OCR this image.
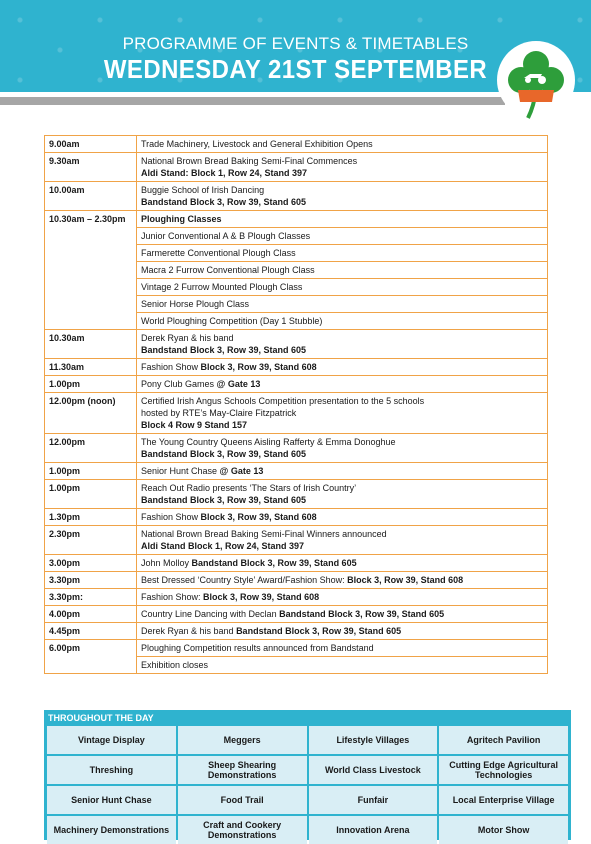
PROGRAMME OF EVENTS & TIMETABLES
WEDNESDAY 21ST SEPTEMBER
9.00am	Trade Machinery, Livestock and General Exhibition Opens

9.30am	National Brown Bread Baking Semi-Final Commences
Aldi Stand: Block 1, Row 24, Stand 397

10.00am	Buggie School of Irish Dancing
Bandstand Block 3, Row 39, Stand 605

10.30am – 2.30pm	Ploughing Classes
	Junior Conventional A & B Plough Classes
	Farmerette Conventional Plough Class
	Macra 2 Furrow Conventional Plough Class
	Vintage 2 Furrow Mounted Plough Class
	Senior Horse Plough Class
	World Ploughing Competition (Day 1 Stubble)
10.30am	Derek Ryan & his band
Bandstand Block 3, Row 39, Stand 605

11.30am	Fashion Show Block 3, Row 39, Stand 608

1.00pm	Pony Club Games @ Gate 13

12.00pm (noon)	Certified Irish Angus Schools Competition presentation to the 5 schools
hosted by RTE’s May-Claire Fitzpatrick
Block 4 Row 9 Stand 157

12.00pm	The Young Country Queens Aisling Rafferty & Emma Donoghue
Bandstand Block 3, Row 39, Stand 605

1.00pm	Senior Hunt Chase @ Gate 13

1.00pm	Reach Out Radio presents ‘The Stars of Irish Country’
Bandstand Block 3, Row 39, Stand 605

1.30pm	Fashion Show Block 3, Row 39, Stand 608

2.30pm	National Brown Bread Baking Semi-Final Winners announced
Aldi Stand Block 1, Row 24, Stand 397

3.00pm	John Molloy Bandstand Block 3, Row 39, Stand 605

3.30pm	Best Dressed ‘Country Style’ Award/Fashion Show: Block 3, Row 39, Stand 608

3.30pm:	Fashion Show: Block 3, Row 39, Stand 608

4.00pm	Country Line Dancing with Declan Bandstand Block 3, Row 39, Stand 605

4.45pm	Derek Ryan & his band Bandstand Block 3, Row 39, Stand 605

6.00pm	Ploughing Competition results announced from Bandstand
	Exhibition closes
THROUGHOUT THE DAY
Vintage Display	Meggers	Lifestyle Villages	Agritech Pavilion
Threshing	Sheep Shearing Demonstrations	World Class Livestock	Cutting Edge Agricultural Technologies
Senior Hunt Chase	Food Trail	Funfair	Local Enterprise Village
Machinery Demonstrations	Craft and Cookery Demonstrations	Innovation Arena	Motor Show
